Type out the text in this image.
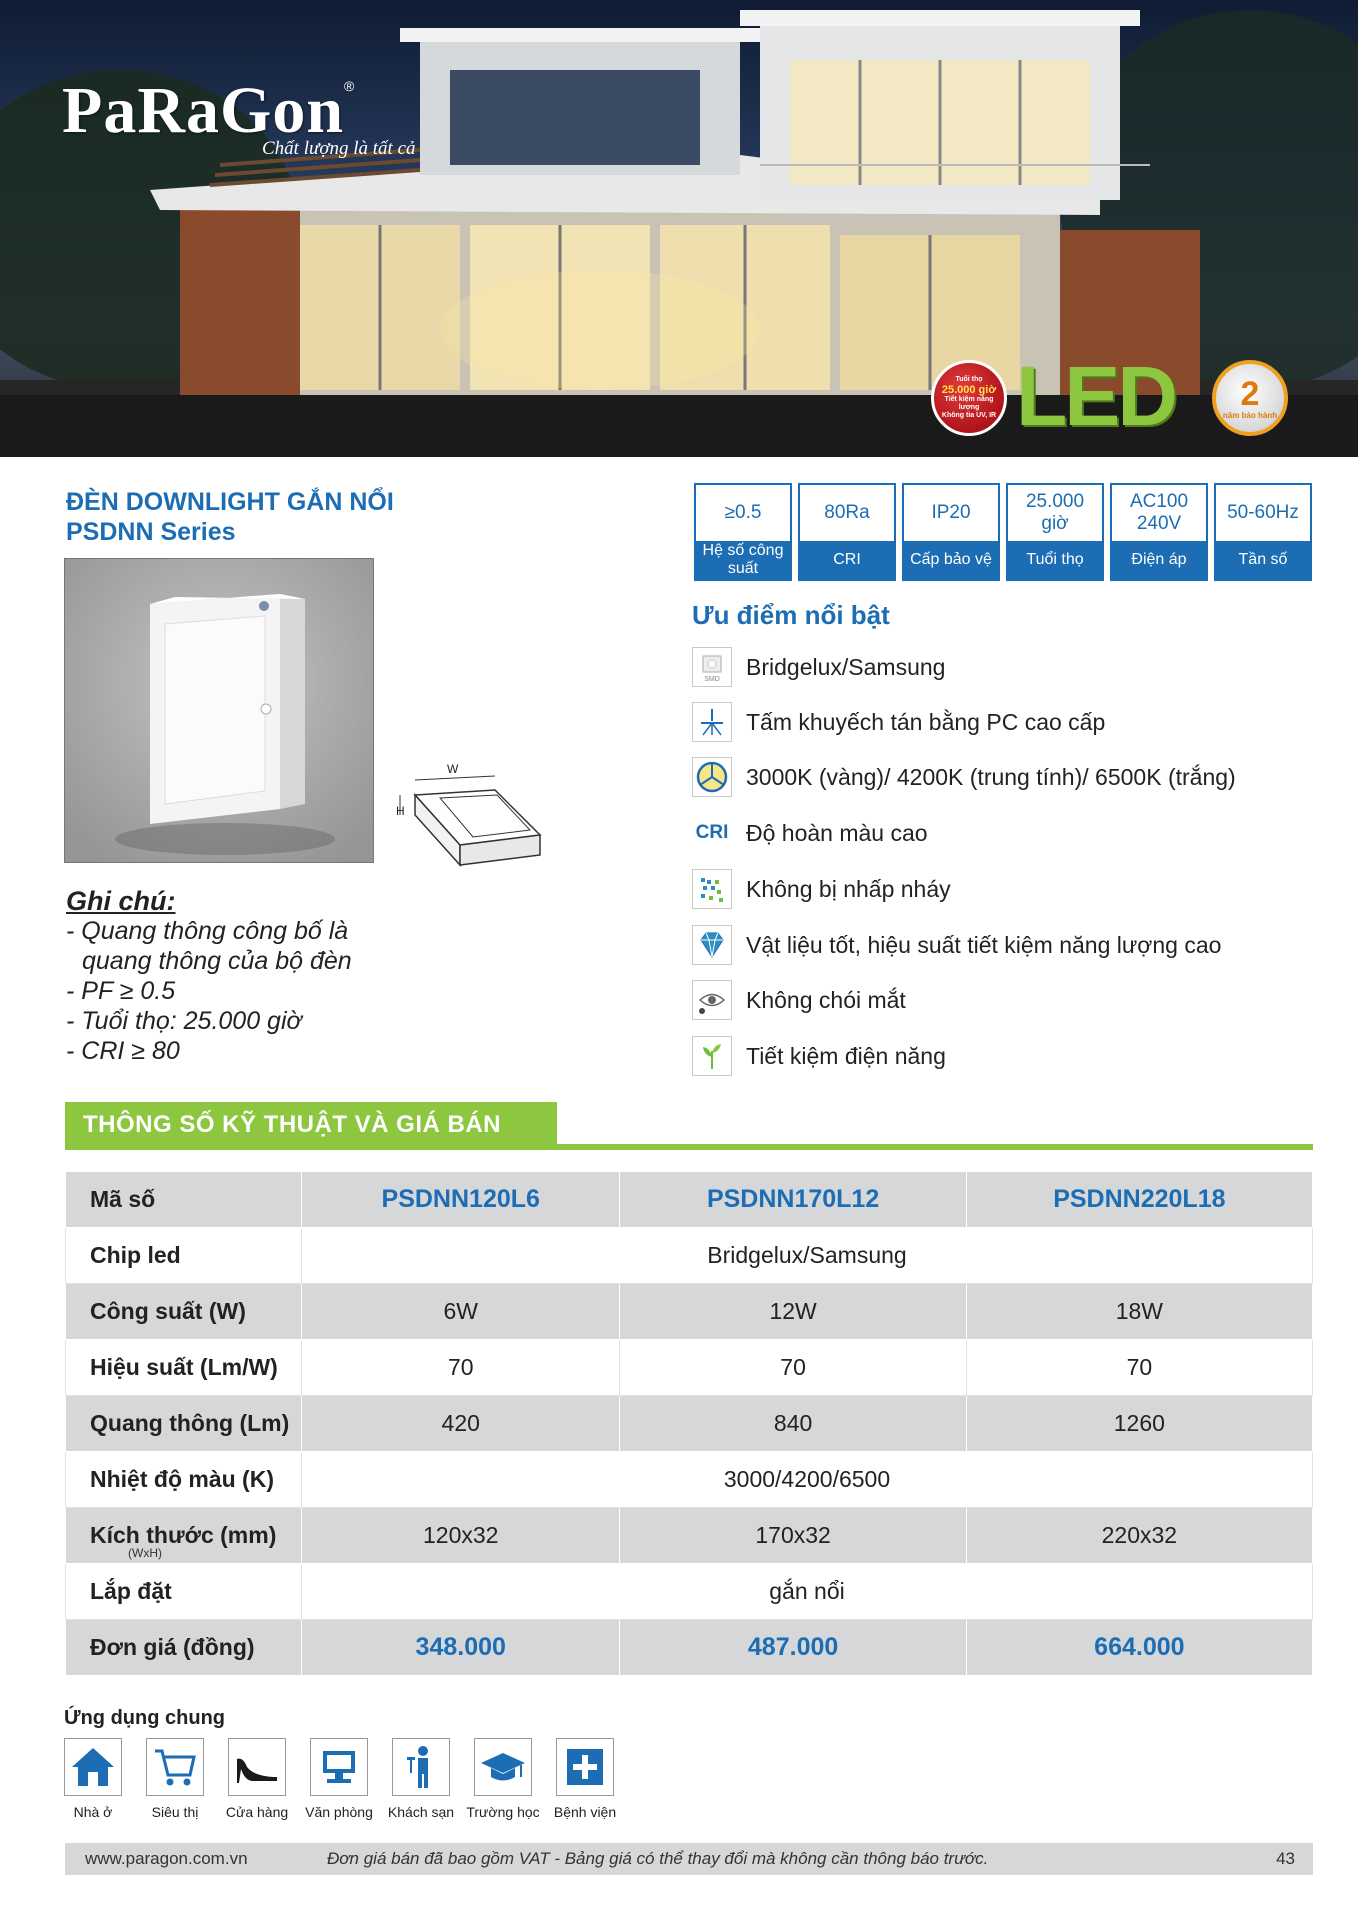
PaRaGon®
Chất lượng là tất cả
Tuổi thọ
25.000 giờ
Tiết kiệm năng lượng
Không tia UV, IR LED 2
năm bảo hành
ĐÈN DOWNLIGHT GẮN NỔI
PSDNN Series
W
H
≥0.5
Hệ số công suất
80Ra
CRI
IP20
Cấp bảo vệ
25.000 giờ
Tuổi thọ
AC100 240V
Điện áp
50-60Hz
Tần số
Ưu điểm nổi bật
SMD Bridgelux/Samsung
Tấm khuyếch tán bằng PC cao cấp
3000K (vàng)/ 4200K (trung tính)/ 6500K (trắng)
CRI Độ hoàn màu cao
Không bị nhấp nháy
Vật liệu tốt, hiệu suất tiết kiệm năng lượng cao
Không chói mắt
Tiết kiệm điện năng
Ghi chú:
- Quang thông công bố là
quang thông của bộ đèn
- PF ≥ 0.5
- Tuổi thọ: 25.000 giờ
- CRI ≥ 80
THÔNG SỐ KỸ THUẬT VÀ GIÁ BÁN
Mã số	PSDNN120L6	PSDNN170L12	PSDNN220L18
Chip led	Bridgelux/Samsung		
Công suất (W)	6W	12W	18W
Hiệu suất (Lm/W)	70	70	70
Quang thông (Lm)	420	840	1260
Nhiệt độ màu (K)	3000/4200/6500		
Kích thước (mm)
(WxH)	120x32	170x32	220x32
Lắp đặt	gắn nổi		
Đơn giá (đồng)	348.000	487.000	664.000
Ứng dụng chung
Nhà ở	Siêu thị	Cửa hàng	Văn phòng	Khách sạn Trường học	Bệnh viện
www.paragon.com.vn	Đơn giá bán đã bao gồm VAT - Bảng giá có thể thay đổi mà không cần thông báo trước.	43
